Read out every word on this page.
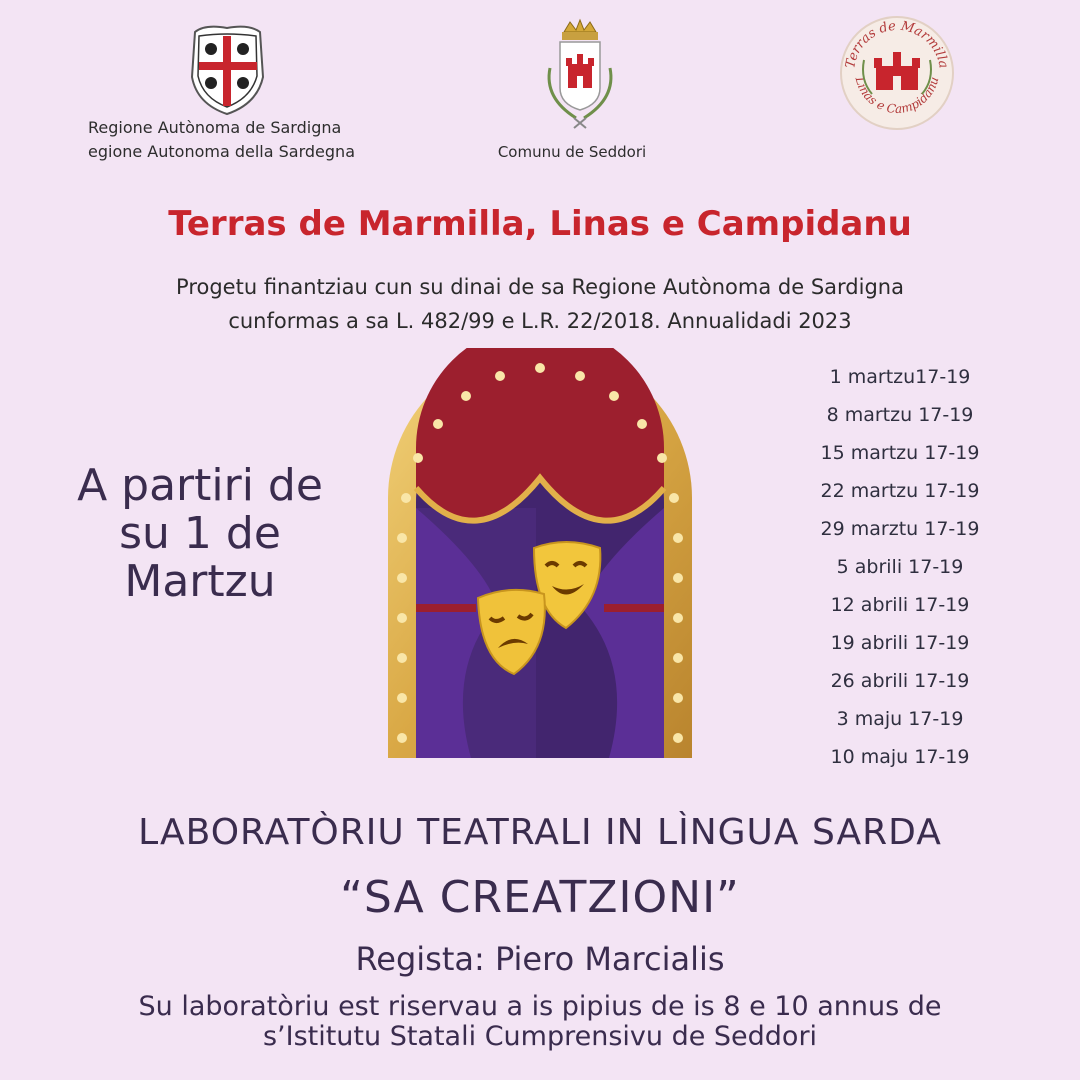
Regione Autònoma de Sardigna
egione Autonoma della Sardegna	Comunu de Seddori
Terras de Marmilla
Linas e Campidanu
Terras de Marmilla, Linas e Campidanu
Progetu finantziau cun su dinai de sa Regione Autònoma de Sardigna
cunformas a sa L. 482/99 e L.R. 22/2018. Annualidadi 2023
A partiri de
su 1 de
Martzu
1 martzu17-19
8 martzu 17-19
15 martzu 17-19
22 martzu 17-19
29 marztu 17-19
5 abrili 17-19
12 abrili 17-19
19 abrili 17-19
26 abrili 17-19
3 maju 17-19
10 maju 17-19
LABORATÒRIU TEATRALI IN LÌNGUA SARDA
“SA CREATZIONI”
Regista: Piero Marcialis
Su laboratòriu est riservau a is pipius de is 8 e 10 annus de
s’Istitutu Statali Cumprensivu de Seddori
